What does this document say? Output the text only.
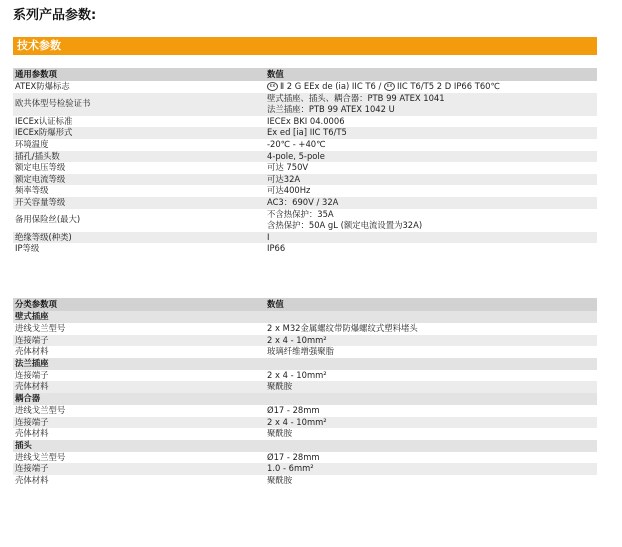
系列产品参数:
技术参数
通用参数项	数值
ATEX防爆标志	εx Ⅱ 2 G EEx de (ia) IIC T6 / εx IIC T6/T5 2 D IP66 T60℃

欧共体型号检验证书	壁式插座、插头、耦合器：PTB 99 ATEX 1041
法兰插座：PTB 99 ATEX 1042 U

IECEx认证标准	IECEx BKI 04.0006

IECEx防爆形式	Ex ed [ia] IIC T6/T5

环境温度	-20℃ - +40℃

插孔/插头数	4-pole, 5-pole

额定电压等级	可达 750V

额定电流等级	可达32A

频率等级	可达400Hz

开关容量等级	AC3：690V / 32A

备用保险丝(最大)	不含热保护：35A
含热保护：50A gL (额定电流设置为32A)

绝缘等级(种类)	I

IP等级	IP66
分类参数项	数值
壁式插座	
进线戈兰型号	2 x M32金属螺纹带防爆螺纹式塑料堵头
连接端子	2 x 4 - 10mm²
壳体材料	玻璃纤维增强聚脂
法兰插座	
连接端子	2 x 4 - 10mm²
壳体材料	聚酰胺
耦合器	
进线戈兰型号	Ø17 - 28mm
连接端子	2 x 4 - 10mm²
壳体材料	聚酰胺
插头	
进线戈兰型号	Ø17 - 28mm
连接端子	1.0 - 6mm²
壳体材料	聚酰胺
